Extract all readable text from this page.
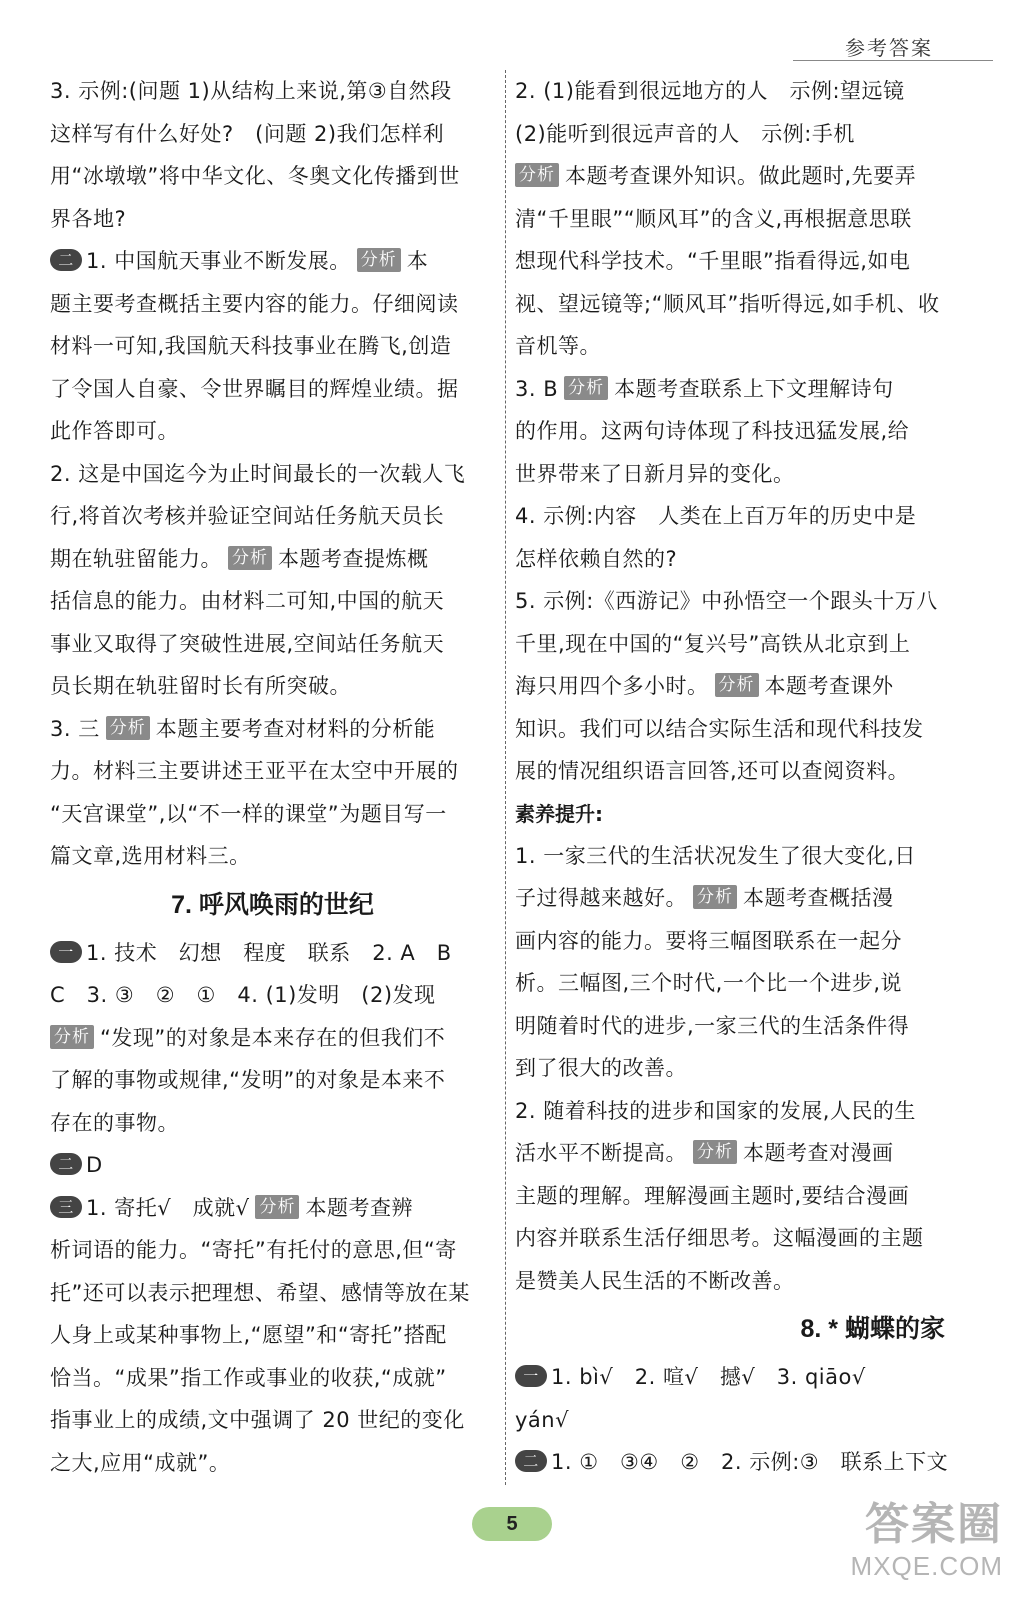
参考答案
3. 示例:(问题 1)从结构上来说,第③自然段
这样写有什么好处?　(问题 2)我们怎样利
用“冰墩墩”将中华文化、冬奥文化传播到世
界各地?
二 1. 中国航天事业不断发展。 分析 本
题主要考查概括主要内容的能力。仔细阅读
材料一可知,我国航天科技事业在腾飞,创造
了令国人自豪、令世界瞩目的辉煌业绩。据
此作答即可。
2. 这是中国迄今为止时间最长的一次载人飞
行,将首次考核并验证空间站任务航天员长
期在轨驻留能力。 分析 本题考查提炼概
括信息的能力。由材料二可知,中国的航天
事业又取得了突破性进展,空间站任务航天
员长期在轨驻留时长有所突破。
3. 三 分析 本题主要考查对材料的分析能
力。材料三主要讲述王亚平在太空中开展的
“天宫课堂”,以“不一样的课堂”为题目写一
篇文章,选用材料三。
7. 呼风唤雨的世纪
一 1. 技术　幻想　程度　联系　2. A　B
C　3. ③　②　①　4. (1)发明　(2)发现
分析 “发现”的对象是本来存在的但我们不
了解的事物或规律,“发明”的对象是本来不
存在的事物。
二 D
三 1. 寄托√　成就√ 分析 本题考查辨
析词语的能力。“寄托”有托付的意思,但“寄
托”还可以表示把理想、希望、感情等放在某
人身上或某种事物上,“愿望”和“寄托”搭配
恰当。“成果”指工作或事业的收获,“成就”
指事业上的成绩,文中强调了 20 世纪的变化
之大,应用“成就”。
2. (1)能看到很远地方的人　示例:望远镜
(2)能听到很远声音的人　示例:手机
分析 本题考查课外知识。做此题时,先要弄
清“千里眼”“顺风耳”的含义,再根据意思联
想现代科学技术。“千里眼”指看得远,如电
视、望远镜等;“顺风耳”指听得远,如手机、收
音机等。
3. B 分析 本题考查联系上下文理解诗句
的作用。这两句诗体现了科技迅猛发展,给
世界带来了日新月异的变化。
4. 示例:内容　人类在上百万年的历史中是
怎样依赖自然的?
5. 示例:《西游记》中孙悟空一个跟头十万八
千里,现在中国的“复兴号”高铁从北京到上
海只用四个多小时。 分析 本题考查课外
知识。我们可以结合实际生活和现代科技发
展的情况组织语言回答,还可以查阅资料。
素养提升:
1. 一家三代的生活状况发生了很大变化,日
子过得越来越好。 分析 本题考查概括漫
画内容的能力。要将三幅图联系在一起分
析。三幅图,三个时代,一个比一个进步,说
明随着时代的进步,一家三代的生活条件得
到了很大的改善。
2. 随着科技的进步和国家的发展,人民的生
活水平不断提高。 分析 本题考查对漫画
主题的理解。理解漫画主题时,要结合漫画
内容并联系生活仔细思考。这幅漫画的主题
是赞美人民生活的不断改善。
8. * 蝴蝶的家
一 1. bì√　2. 喧√　撼√　3. qiāo√
yán√
二 1. ①　③④　②　2. 示例:③　联系上下文
5	答案圈
MXQE.COM
